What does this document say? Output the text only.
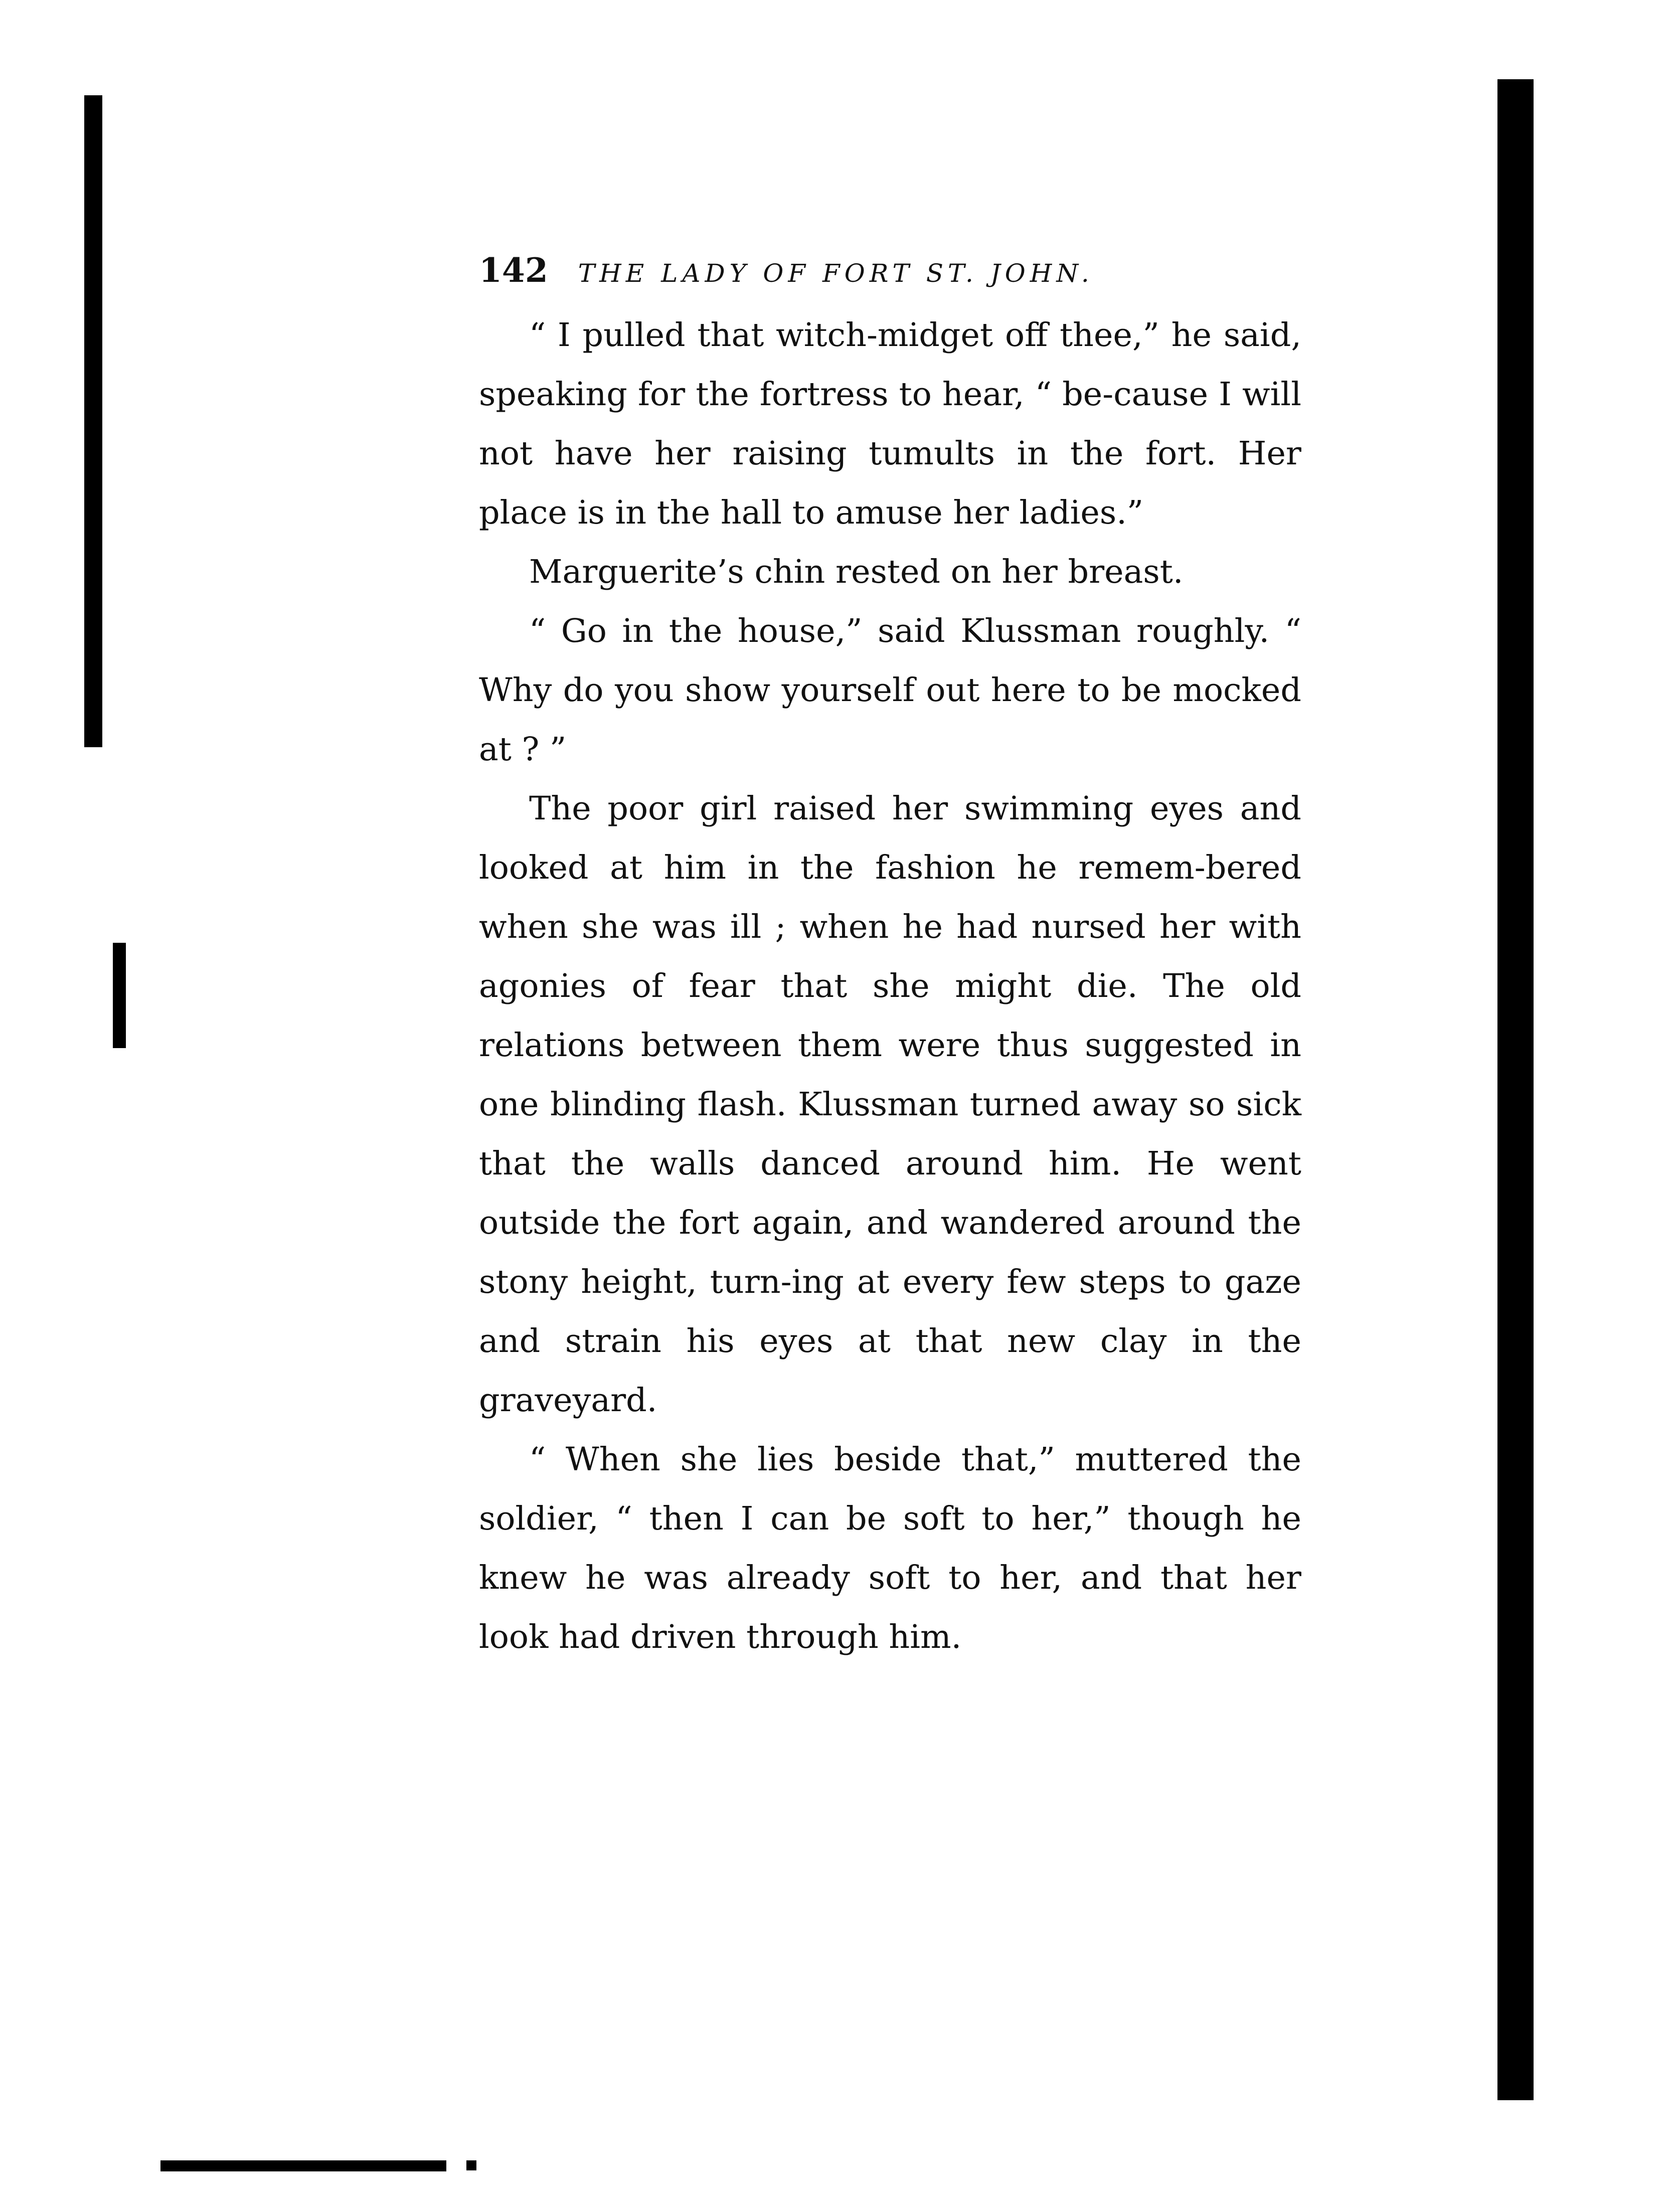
142 THE LADY OF FORT ST. JOHN.

“ I pulled that witch-midget off thee,” he said, speaking for the fortress to hear, “ be-cause I will not have her raising tumults in the fort. Her place is in the hall to amuse her ladies.”

Marguerite’s chin rested on her breast.

“ Go in the house,” said Klussman roughly. “ Why do you show yourself out here to be mocked at ? ”

The poor girl raised her swimming eyes and looked at him in the fashion he remem-bered when she was ill ; when he had nursed her with agonies of fear that she might die. The old relations between them were thus suggested in one blinding flash. Klussman turned away so sick that the walls danced around him. He went outside the fort again, and wandered around the stony height, turn-ing at every few steps to gaze and strain his eyes at that new clay in the graveyard.

“ When she lies beside that,” muttered the soldier, “ then I can be soft to her,” though he knew he was already soft to her, and that her look had driven through him.
